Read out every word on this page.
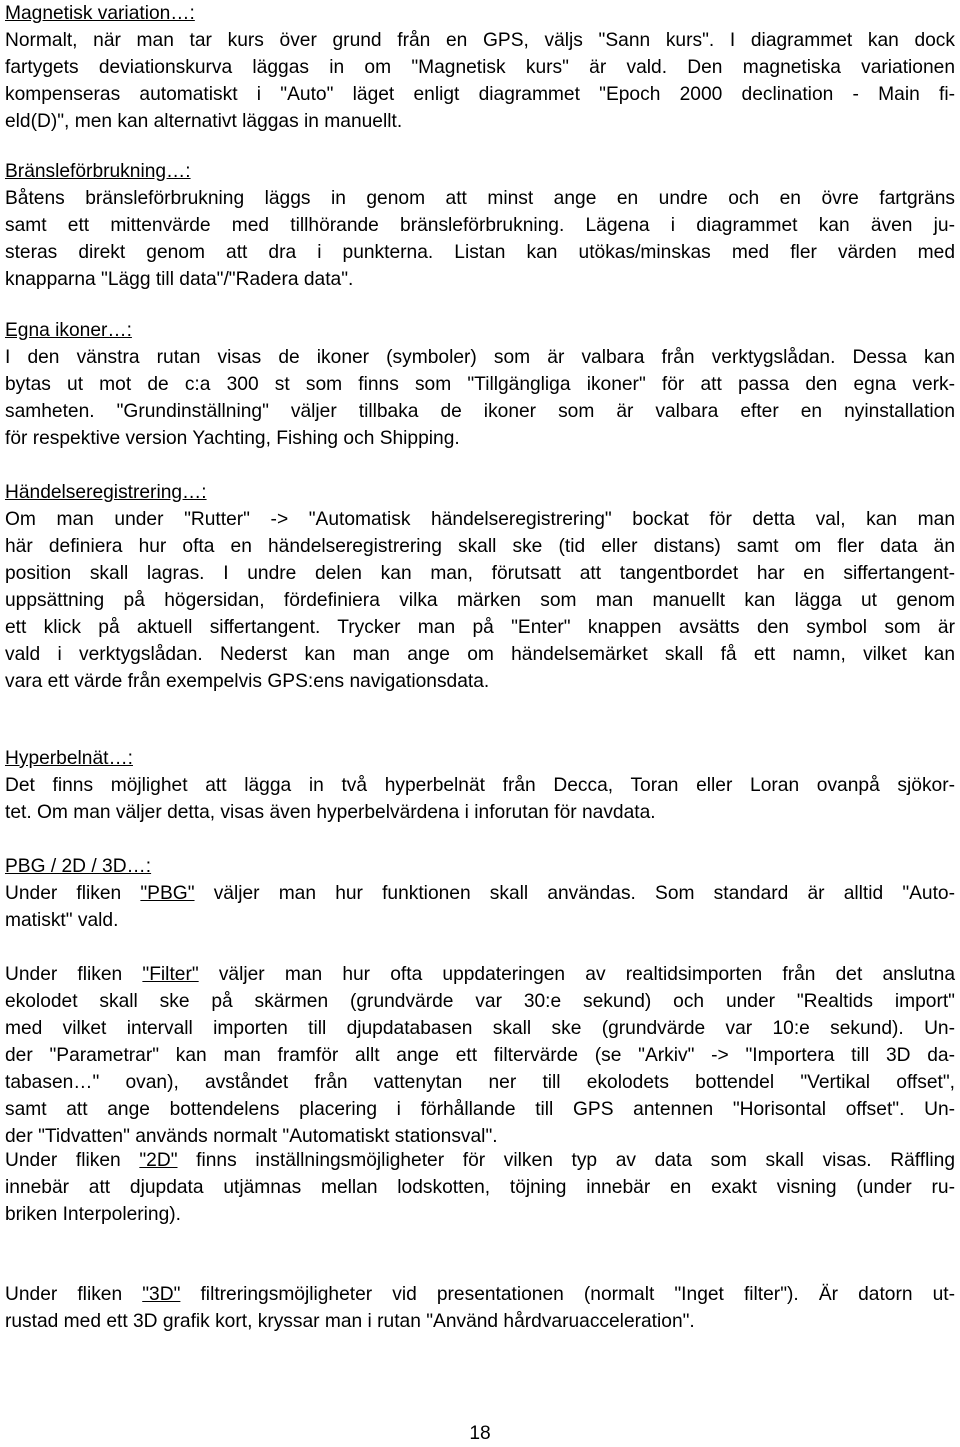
Magnetisk variation…:
Normalt, när man tar kurs över grund från en GPS, väljs "Sann kurs". I diagrammet kan dock
fartygets deviationskurva läggas in om "Magnetisk kurs" är vald. Den magnetiska variationen
kompenseras automatiskt i "Auto" läget enligt diagrammet "Epoch 2000 declination - Main fi-
eld(D)", men kan alternativt läggas in manuellt.
Bränsleförbrukning…:
Båtens bränsleförbrukning läggs in genom att minst ange en undre och en övre fartgräns
samt ett mittenvärde med tillhörande bränsleförbrukning. Lägena i diagrammet kan även ju-
steras direkt genom att dra i punkterna. Listan kan utökas/minskas med fler värden med
knapparna "Lägg till data"/"Radera data".
Egna ikoner…:
I den vänstra rutan visas de ikoner (symboler) som är valbara från verktygslådan. Dessa kan
bytas ut mot de c:a 300 st som finns som "Tillgängliga ikoner" för att passa den egna verk-
samheten. "Grundinställning" väljer tillbaka de ikoner som är valbara efter en nyinstallation
för respektive version Yachting, Fishing och Shipping.
Händelseregistrering…:
Om man under "Rutter" -> "Automatisk händelseregistrering" bockat för detta val, kan man
här definiera hur ofta en händelseregistrering skall ske (tid eller distans) samt om fler data än
position skall lagras. I undre delen kan man, förutsatt att tangentbordet har en siffertangent-
uppsättning på högersidan, fördefiniera vilka märken som man manuellt kan lägga ut genom
ett klick på aktuell siffertangent. Trycker man på "Enter" knappen avsätts den symbol som är
vald i verktygslådan. Nederst kan man ange om händelsemärket skall få ett namn, vilket kan
vara ett värde från exempelvis GPS:ens navigationsdata.
Hyperbelnät…:
Det finns möjlighet att lägga in två hyperbelnät från Decca, Toran eller Loran ovanpå sjökor-
tet. Om man väljer detta, visas även hyperbelvärdena i inforutan för navdata.
PBG / 2D / 3D…:
Under fliken "PBG" väljer man hur funktionen skall användas. Som standard är alltid "Auto-
matiskt" vald.
Under fliken "Filter" väljer man hur ofta uppdateringen av realtidsimporten från det anslutna
ekolodet skall ske på skärmen (grundvärde var 30:e sekund) och under "Realtids import"
med vilket intervall importen till djupdatabasen skall ske (grundvärde var 10:e sekund). Un-
der "Parametrar" kan man framför allt ange ett filtervärde (se "Arkiv" -> "Importera till 3D da-
tabasen…" ovan), avståndet från vattenytan ner till ekolodets bottendel "Vertikal offset",
samt att ange bottendelens placering i förhållande till GPS antennen "Horisontal offset". Un-
der "Tidvatten" används normalt "Automatiskt stationsval".
Under fliken "2D" finns inställningsmöjligheter för vilken typ av data som skall visas. Räffling
innebär att djupdata utjämnas mellan lodskotten, töjning innebär en exakt visning (under ru-
briken Interpolering).
Under fliken "3D" filtreringsmöjligheter vid presentationen (normalt "Inget filter"). Är datorn ut-
rustad med ett 3D grafik kort, kryssar man i rutan "Använd hårdvaruacceleration".
18
